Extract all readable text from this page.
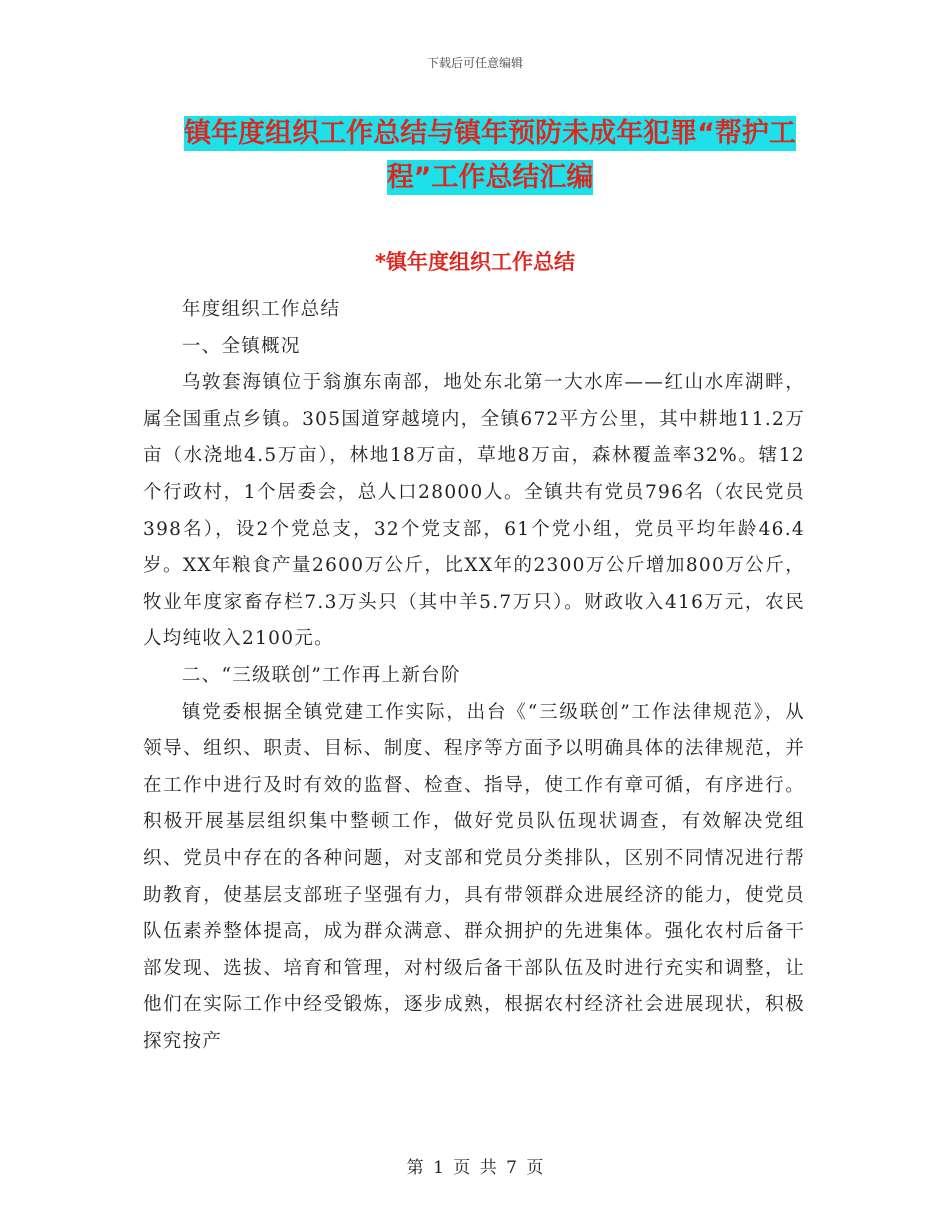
下载后可任意编辑
镇年度组织工作总结与镇年预防未成年犯罪“帮护工程”工作总结汇编
*镇年度组织工作总结

年度组织工作总结

一、全镇概况

乌敦套海镇位于翁旗东南部，地处东北第一大水库——红山水库湖畔，属全国重点乡镇。305国道穿越境内，全镇672平方公里，其中耕地11.2万亩（水浇地4.5万亩），林地18万亩，草地8万亩，森林覆盖率32%。辖12个行政村，1个居委会，总人口28000人。全镇共有党员796名（农民党员398名），设2个党总支，32个党支部，61个党小组，党员平均年龄46.4岁。XX年粮食产量2600万公斤，比XX年的2300万公斤增加800万公斤，牧业年度家畜存栏7.3万头只（其中羊5.7万只）。财政收入416万元，农民人均纯收入2100元。

二、“三级联创”工作再上新台阶

镇党委根据全镇党建工作实际，出台《“三级联创”工作法律规范》，从领导、组织、职责、目标、制度、程序等方面予以明确具体的法律规范，并在工作中进行及时有效的监督、检查、指导，使工作有章可循，有序进行。积极开展基层组织集中整顿工作，做好党员队伍现状调查，有效解决党组织、党员中存在的各种问题，对支部和党员分类排队，区别不同情况进行帮助教育，使基层支部班子坚强有力，具有带领群众进展经济的能力，使党员队伍素养整体提高，成为群众满意、群众拥护的先进集体。强化农村后备干部发现、选拔、培育和管理，对村级后备干部队伍及时进行充实和调整，让他们在实际工作中经受锻炼，逐步成熟，根据农村经济社会进展现状，积极探究按产

第 1 页 共 7 页
